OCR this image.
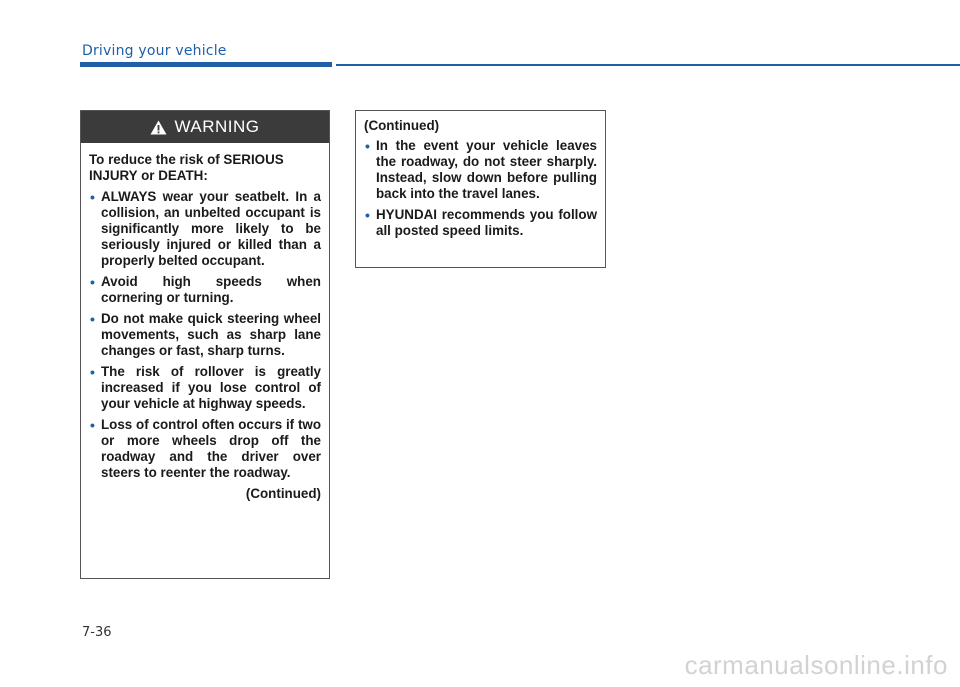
Driving your vehicle
WARNING

To reduce the risk of SERIOUS INJURY or DEATH:

• ALWAYS wear your seatbelt. In a collision, an unbelted occupant is significantly more likely to be seriously injured or killed than a properly belted occupant.
• Avoid high speeds when cornering or turning.
• Do not make quick steering wheel movements, such as sharp lane changes or fast, sharp turns.
• The risk of rollover is greatly increased if you lose control of your vehicle at highway speeds.
• Loss of control often occurs if two or more wheels drop off the roadway and the driver over steers to reenter the roadway.

(Continued)

(Continued)

• In the event your vehicle leaves the roadway, do not steer sharply. Instead, slow down before pulling back into the travel lanes.
• HYUNDAI recommends you follow all posted speed limits.
7-36
carmanualsonline.info
